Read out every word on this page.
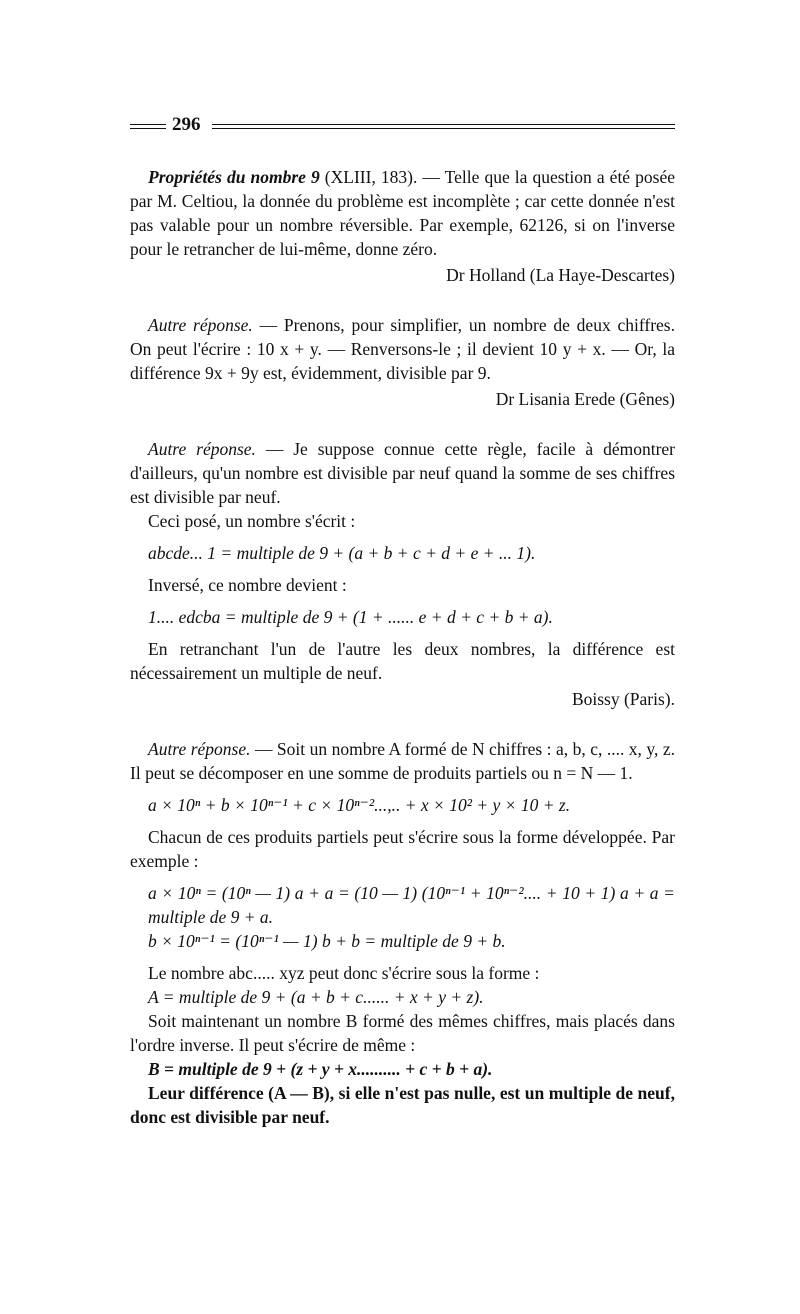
296

Propriétés du nombre 9 (XLIII, 183). — Telle que la question a été posée par M. Celtiou, la donnée du problème est incomplète ; car cette donnée n'est pas valable pour un nombre réversible. Par exemple, 62126, si on l'inverse pour le retrancher de lui-même, donne zéro.

Dr Holland (La Haye-Descartes)

Autre réponse. — Prenons, pour simplifier, un nombre de deux chiffres. On peut l'écrire : 10 x + y. — Renversons-le ; il devient 10 y + x. — Or, la différence 9x + 9y est, évidemment, divisible par 9.

Dr Lisania Erede (Gênes)

Autre réponse. — Je suppose connue cette règle, facile à démontrer d'ailleurs, qu'un nombre est divisible par neuf quand la somme de ses chiffres est divisible par neuf.

Ceci posé, un nombre s'écrit :

abcde... 1 = multiple de 9 + (a + b + c + d + e + ... 1).

Inversé, ce nombre devient :

1.... edcba = multiple de 9 + (1 + ...... e + d + c + b + a).

En retranchant l'un de l'autre les deux nombres, la différence est nécessairement un multiple de neuf.

Boissy (Paris).

Autre réponse. — Soit un nombre A formé de N chiffres : a, b, c, .... x, y, z. Il peut se décomposer en une somme de produits partiels ou n = N — 1.

a × 10ⁿ + b × 10ⁿ⁻¹ + c × 10ⁿ⁻²...,.. + x × 10² + y × 10 + z.

Chacun de ces produits partiels peut s'écrire sous la forme développée. Par exemple :

a × 10ⁿ = (10ⁿ — 1) a + a = (10 — 1) (10ⁿ⁻¹ + 10ⁿ⁻².... + 10 + 1) a + a = multiple de 9 + a.

b × 10ⁿ⁻¹ = (10ⁿ⁻¹ — 1) b + b = multiple de 9 + b.

Le nombre abc..... xyz peut donc s'écrire sous la forme :

A = multiple de 9 + (a + b + c...... + x + y + z).

Soit maintenant un nombre B formé des mêmes chiffres, mais placés dans l'ordre inverse. Il peut s'écrire de même :

B = multiple de 9 + (z + y + x.......... + c + b + a).

Leur différence (A — B), si elle n'est pas nulle, est un multiple de neuf, donc est divisible par neuf.
